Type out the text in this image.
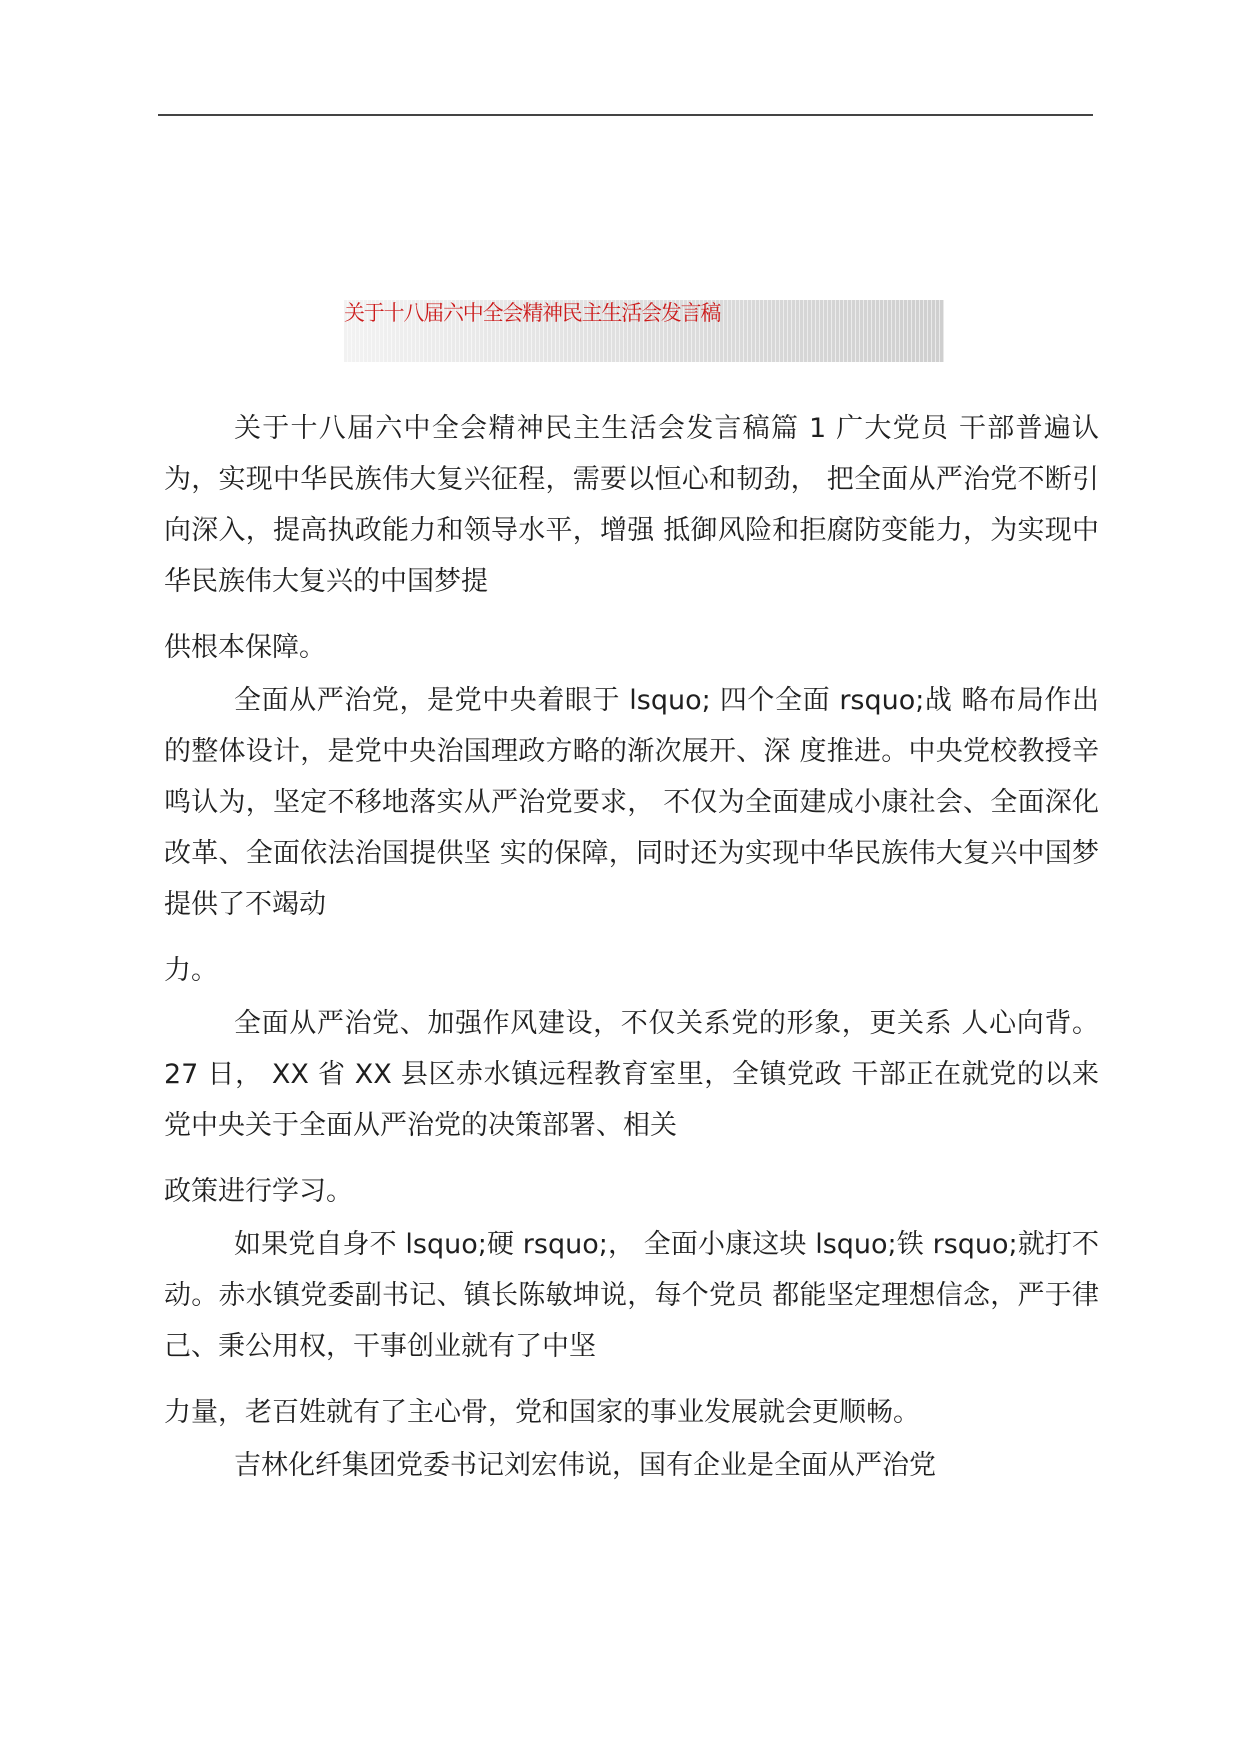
关于十八届六中全会精神民主生活会发言稿

关于十八届六中全会精神民主生活会发言稿篇 1 广大党员 干部普遍认为，实现中华民族伟大复兴征程，需要以恒心和韧劲， 把全面从严治党不断引向深入，提高执政能力和领导水平，增强 抵御风险和拒腐防变能力，为实现中华民族伟大复兴的中国梦提

供根本保障。

全面从严治党，是党中央着眼于 lsquo; 四个全面 rsquo;战 略布局作出的整体设计，是党中央治国理政方略的渐次展开、深 度推进。中央党校教授辛鸣认为，坚定不移地落实从严治党要求， 不仅为全面建成小康社会、全面深化改革、全面依法治国提供坚 实的保障，同时还为实现中华民族伟大复兴中国梦提供了不竭动

力。

全面从严治党、加强作风建设，不仅关系党的形象，更关系 人心向背。27 日， XX 省 XX 县区赤水镇远程教育室里，全镇党政 干部正在就党的以来党中央关于全面从严治党的决策部署、相关

政策进行学习。

如果党自身不 lsquo;硬 rsquo;， 全面小康这块 lsquo;铁 rsquo;就打不动。赤水镇党委副书记、镇长陈敏坤说，每个党员 都能坚定理想信念，严于律己、秉公用权，干事创业就有了中坚

力量，老百姓就有了主心骨，党和国家的事业发展就会更顺畅。

吉林化纤集团党委书记刘宏伟说，国有企业是全面从严治党
